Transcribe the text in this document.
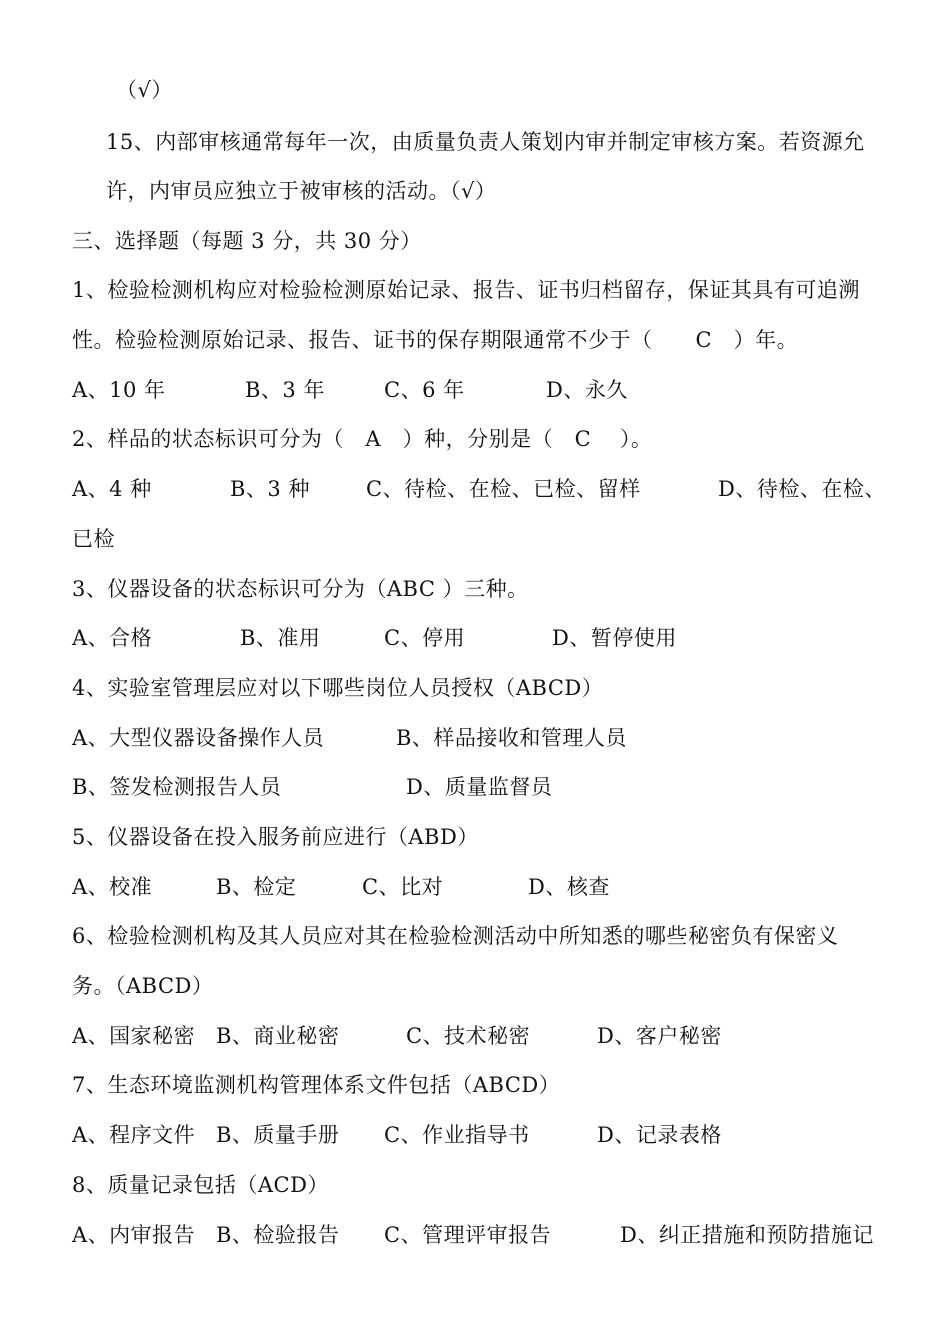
（√）
15、内部审核通常每年一次，由质量负责人策划内审并制定审核方案。若资源允
许，内审员应独立于被审核的活动。（√）
三、选择题（每题 3 分，共 30 分）
1、检验检测机构应对检验检测原始记录、报告、证书归档留存，保证其具有可追溯
性。检验检测原始记录、报告、证书的保存期限通常不少于（      C   ）年。
A、10 年	B、3 年	C、6 年	D、永久
2、样品的状态标识可分为（   A   ）种，分别是（   C    ）。
A、4 种	B、3 种	C、待检、在检、已检、留样	D、待检、在检、
已检
3、仪器设备的状态标识可分为（ABC ）三种。
A、合格	B、准用	C、停用	D、暂停使用
4、实验室管理层应对以下哪些岗位人员授权（ABCD）
A、大型仪器设备操作人员	B、样品接收和管理人员
B、签发检测报告人员	D、质量监督员
5、仪器设备在投入服务前应进行（ABD）
A、校准	B、检定	C、比对	D、核查
6、检验检测机构及其人员应对其在检验检测活动中所知悉的哪些秘密负有保密义
务。（ABCD）
A、国家秘密 B、商业秘密	C、技术秘密	D、客户秘密
7、生态环境监测机构管理体系文件包括（ABCD）
A、程序文件 B、质量手册 C、作业指导书	D、记录表格
8、质量记录包括（ACD）
A、内审报告 B、检验报告 C、管理评审报告	D、纠正措施和预防措施记
